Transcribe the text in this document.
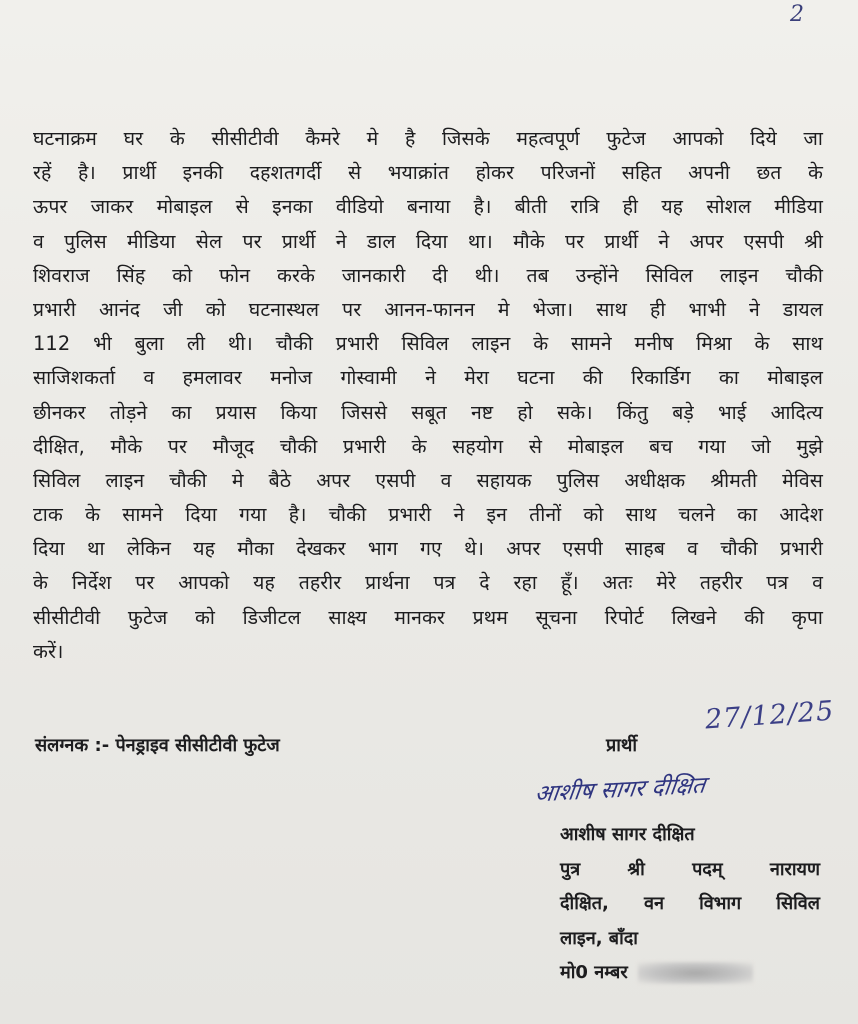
2
घटनाक्रम घर के सीसीटीवी कैमरे मे है जिसके महत्वपूर्ण फुटेज आपको दिये जा
रहें है। प्रार्थी इनकी दहशतगर्दी से भयाक्रांत होकर परिजनों सहित अपनी छत के
ऊपर जाकर मोबाइल से इनका वीडियो बनाया है। बीती रात्रि ही यह सोशल मीडिया
व पुलिस मीडिया सेल पर प्रार्थी ने डाल दिया था। मौके पर प्रार्थी ने अपर एसपी श्री
शिवराज सिंह को फोन करके जानकारी दी थी। तब उन्होंने सिविल लाइन चौकी
प्रभारी आनंद जी को घटनास्थल पर आनन-फानन मे भेजा। साथ ही भाभी ने डायल
112 भी बुला ली थी। चौकी प्रभारी सिविल लाइन के सामने मनीष मिश्रा के साथ
साजिशकर्ता व हमलावर मनोज गोस्वामी ने मेरा घटना की रिकार्डिग का मोबाइल
छीनकर तोड़ने का प्रयास किया जिससे सबूत नष्ट हो सके। किंतु बड़े भाई आदित्य
दीक्षित, मौके पर मौजूद चौकी प्रभारी के सहयोग से मोबाइल बच गया जो मुझे
सिविल लाइन चौकी मे बैठे अपर एसपी व सहायक पुलिस अधीक्षक श्रीमती मेविस
टाक के सामने दिया गया है। चौकी प्रभारी ने इन तीनों को साथ चलने का आदेश
दिया था लेकिन यह मौका देखकर भाग गए थे। अपर एसपी साहब व चौकी प्रभारी
के निर्देश पर आपको यह तहरीर प्रार्थना पत्र दे रहा हूँ। अतः मेरे तहरीर पत्र व
सीसीटीवी फुटेज को डिजीटल साक्ष्य मानकर प्रथम सूचना रिपोर्ट लिखने की कृपा
करें।
संलग्नक :- पेनड्राइव सीसीटीवी फुटेज	प्रार्थी
27/12/25
आशीष सागर दीक्षित
आशीष सागर दीक्षित
पुत्र श्री पदम् नारायण
दीक्षित, वन विभाग सिविल
लाइन, बाँदा
मो0 नम्बर
